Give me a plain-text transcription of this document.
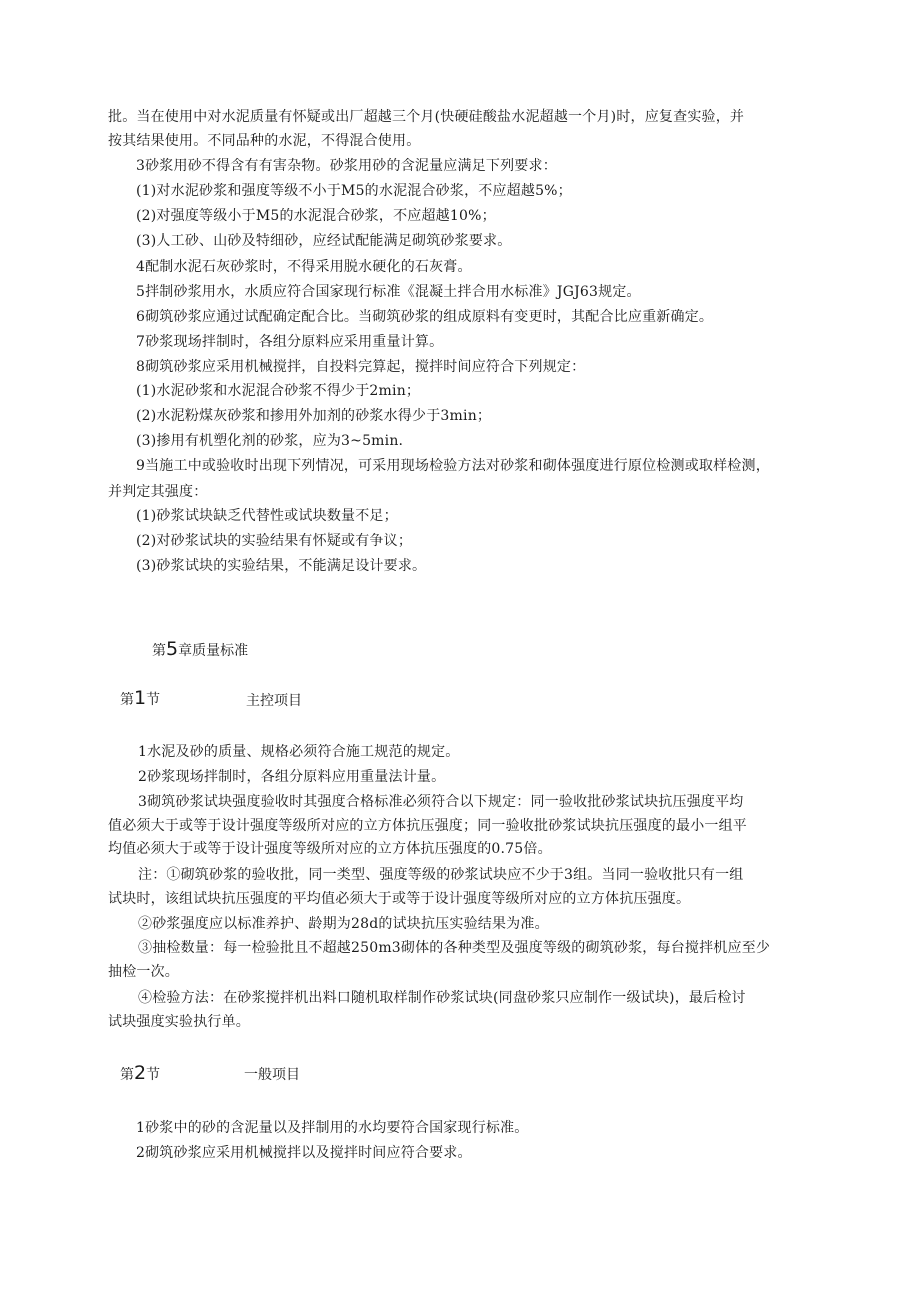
批。当在使用中对水泥质量有怀疑或出厂超越三个月(快硬硅酸盐水泥超越一个月)时，应复查实验，并
按其结果使用。不同品种的水泥，不得混合使用。
3砂浆用砂不得含有有害杂物。砂浆用砂的含泥量应满足下列要求：
(1)对水泥砂浆和强度等级不小于M5的水泥混合砂浆，不应超越5%；
(2)对强度等级小于M5的水泥混合砂浆，不应超越10%；
(3)人工砂、山砂及特细砂，应经试配能满足砌筑砂浆要求。
4配制水泥石灰砂浆时，不得采用脱水硬化的石灰膏。
5拌制砂浆用水，水质应符合国家现行标准《混凝土拌合用水标准》JGJ63规定。
6砌筑砂浆应通过试配确定配合比。当砌筑砂浆的组成原料有变更时，其配合比应重新确定。
7砂浆现场拌制时，各组分原料应采用重量计算。
8砌筑砂浆应采用机械搅拌，自投料完算起，搅拌时间应符合下列规定：
(1)水泥砂浆和水泥混合砂浆不得少于2min；
(2)水泥粉煤灰砂浆和掺用外加剂的砂浆水得少于3min；
(3)掺用有机塑化剂的砂浆，应为3~5min.
9当施工中或验收时出现下列情况，可采用现场检验方法对砂浆和砌体强度进行原位检测或取样检测，
并判定其强度：
(1)砂浆试块缺乏代替性或试块数量不足；
(2)对砂浆试块的实验结果有怀疑或有争议；
(3)砂浆试块的实验结果，不能满足设计要求。
第5章质量标准
第1节	主控项目
1水泥及砂的质量、规格必须符合施工规范的规定。
2砂浆现场拌制时，各组分原料应用重量法计量。
3砌筑砂浆试块强度验收时其强度合格标准必须符合以下规定：同一验收批砂浆试块抗压强度平均
值必须大于或等于设计强度等级所对应的立方体抗压强度；同一验收批砂浆试块抗压强度的最小一组平
均值必须大于或等于设计强度等级所对应的立方体抗压强度的0.75倍。
注：①砌筑砂浆的验收批，同一类型、强度等级的砂浆试块应不少于3组。当同一验收批只有一组
试块时，该组试块抗压强度的平均值必须大于或等于设计强度等级所对应的立方体抗压强度。
②砂浆强度应以标准养护、龄期为28d的试块抗压实验结果为准。
③抽检数量：每一检验批且不超越250m3砌体的各种类型及强度等级的砌筑砂浆，每台搅拌机应至少
抽检一次。
④检验方法：在砂浆搅拌机出料口随机取样制作砂浆试块(同盘砂浆只应制作一级试块)，最后检讨
试块强度实验执行单。
第2节	一般项目
1砂浆中的砂的含泥量以及拌制用的水均要符合国家现行标准。
2砌筑砂浆应采用机械搅拌以及搅拌时间应符合要求。
